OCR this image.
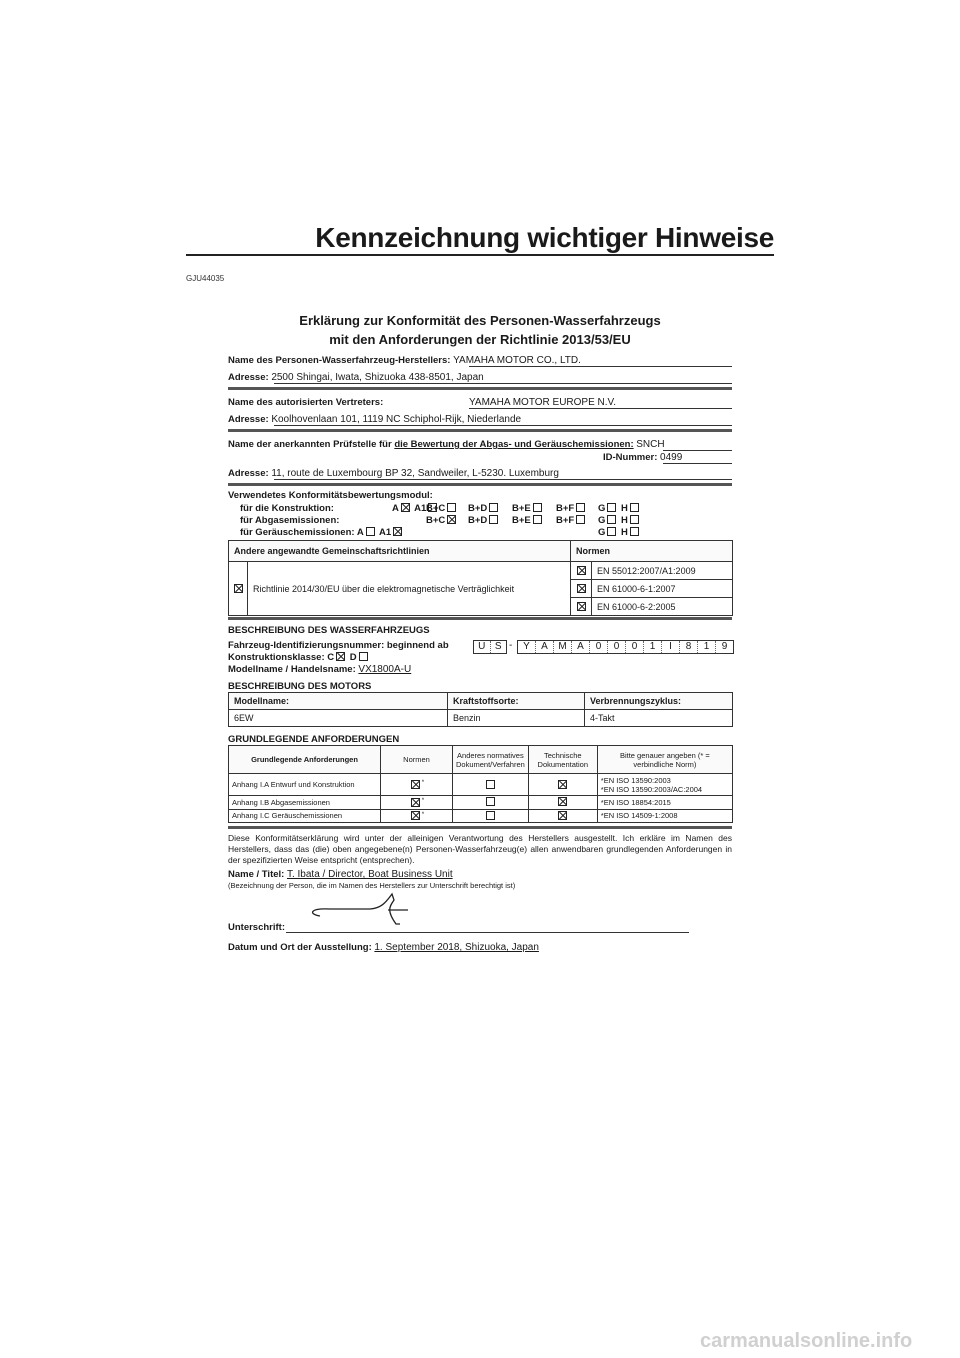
Kennzeichnung wichtiger Hinweise
GJU44035
Erklärung zur Konformität des Personen-Wasserfahrzeugs
mit den Anforderungen der Richtlinie 2013/53/EU
Name des Personen-Wasserfahrzeug-Herstellers: YAMAHA MOTOR CO., LTD.
Adresse: 2500 Shingai, Iwata, Shizuoka 438-8501, Japan
Name des autorisierten Vertreters:	YAMAHA MOTOR EUROPE N.V.
Adresse: Koolhovenlaan 101, 1119 NC Schiphol-Rijk, Niederlande
Name der anerkannten Prüfstelle für die Bewertung der Abgas- und Geräuschemissionen: SNCH
ID-Nummer: 0499
Adresse: 11, route de Luxembourg BP 32, Sandweiler, L-5230. Luxemburg
Verwendetes Konformitätsbewertungsmodul:
für die Konstruktion:	A A1 B+C	B+D	B+E	B+F	G H
für Abgasemissionen:	B+C	B+D	B+E	B+F	G H
für Geräuschemissionen: A A1	G H
Andere angewandte Gemeinschaftsrichtlinien		Normen	
	Richtlinie 2014/30/EU über die elektromagnetische Verträglichkeit		EN 55012:2007/A1:2009
			EN 61000-6-1:2007
			EN 61000-6-2:2005
BESCHREIBUNG DES WASSERFAHRZEUGS
Fahrzeug-Identifizierungsnummer: beginnend ab	U S -	Y	A	M	A	0	0	0	1	I	8	1	9
Konstruktionsklasse: C D
Modellname / Handelsname: VX1800A-U
BESCHREIBUNG DES MOTORS
Modellname:	Kraftstoffsorte:	Verbrennungszyklus:
6EW	Benzin	4-Takt
GRUNDLEGENDE ANFORDERUNGEN
Grundlegende Anforderungen	Normen	Anderes normatives Dokument/Verfahren	Technische Dokumentation	Bitte genauer angeben (* = verbindliche Norm)
Anhang I.A Entwurf und Konstruktion	*			*EN ISO 13590:2003
*EN ISO 13590:2003/AC:2004

Anhang I.B Abgasemissionen	*			*EN ISO 18854:2015
Anhang I.C Geräuschemissionen	*			*EN ISO 14509-1:2008
Diese Konformitätserklärung wird unter der alleinigen Verantwortung des Herstellers ausgestellt. Ich erkläre im Namen des Herstellers, dass das (die) oben angegebene(n) Personen-Wasserfahrzeug(e) allen anwendbaren grundlegenden Anforderungen in der spezifizierten Weise entspricht (entsprechen).
Name / Titel: T. Ibata / Director, Boat Business Unit
(Bezeichnung der Person, die im Namen des Herstellers zur Unterschrift berechtigt ist)
Unterschrift:
Datum und Ort der Ausstellung: 1. September 2018, Shizuoka, Japan
carmanualsonline.info
